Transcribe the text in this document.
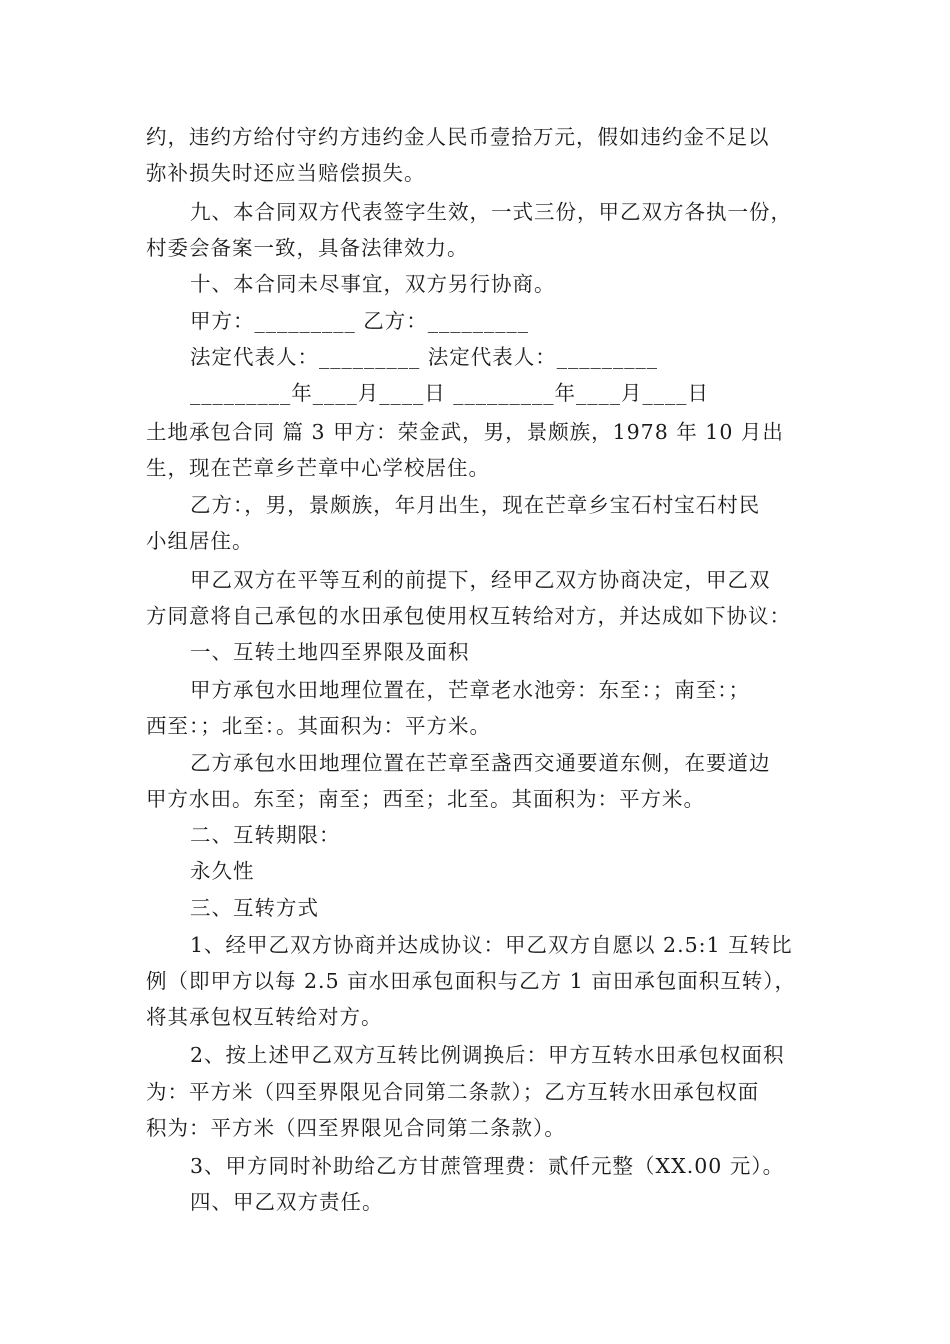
约，违约方给付守约方违约金人民币壹拾万元，假如违约金不足以
弥补损失时还应当赔偿损失。
九、本合同双方代表签字生效，一式三份，甲乙双方各执一份，
村委会备案一致，具备法律效力。
十、本合同未尽事宜，双方另行协商。
甲方：_________ 乙方：_________
法定代表人：_________ 法定代表人：_________
_________年____月____日 _________年____月____日
土地承包合同 篇 3 甲方：荣金武，男，景颇族，1978 年 10 月出
生，现在芒章乡芒章中心学校居住。
乙方：，男，景颇族，年月出生，现在芒章乡宝石村宝石村民
小组居住。
甲乙双方在平等互利的前提下，经甲乙双方协商决定，甲乙双
方同意将自己承包的水田承包使用权互转给对方，并达成如下协议：
一、互转土地四至界限及面积
甲方承包水田地理位置在，芒章老水池旁：东至：；南至：；
西至：；北至：。其面积为：平方米。
乙方承包水田地理位置在芒章至盏西交通要道东侧，在要道边
甲方水田。东至；南至；西至；北至。其面积为：平方米。
二、互转期限：
永久性
三、互转方式
1、经甲乙双方协商并达成协议：甲乙双方自愿以 2.5:1 互转比
例（即甲方以每 2.5 亩水田承包面积与乙方 1 亩田承包面积互转），
将其承包权互转给对方。
2、按上述甲乙双方互转比例调换后：甲方互转水田承包权面积
为：平方米（四至界限见合同第二条款）；乙方互转水田承包权面
积为：平方米（四至界限见合同第二条款）。
3、甲方同时补助给乙方甘蔗管理费：贰仟元整（XX.00 元）。
四、甲乙双方责任。
